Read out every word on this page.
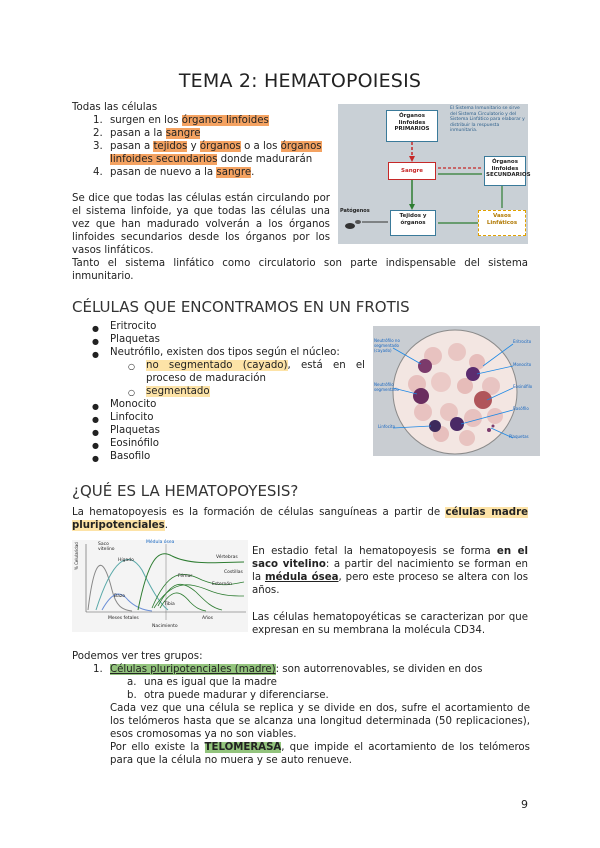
TEMA 2: HEMATOPOIESIS
Todas las células
1. surgen en los órganos linfoides
2. pasan a la sangre
3. pasan a tejidos y órganos o a los órganos linfoides secundarios donde madurarán
4. pasan de nuevo a la sangre.
Se dice que todas las células están circulando por el sistema linfoide, ya que todas las células una vez que han madurado volverán a los órganos linfoides secundarios desde los órganos por los vasos linfáticos.
Tanto el sistema linfático como circulatorio son parte indispensable del sistema inmunitario.
El Sistema Inmunitario se sirve del Sistema Circulatorio y del Sistema Linfático para elaborar y distribuir la respuesta inmunitaria.
Órganos linfoides PRIMARIOS
Sangre
Órganos linfoides SECUNDARIOS
Tejidos y órganos
Vasos Linfáticos
Patógenos
CÉLULAS QUE ENCONTRAMOS EN UN FROTIS
● Eritrocito
● Plaquetas
● Neutrófilo, existen dos tipos según el núcleo:
○ no segmentado (cayado), está en el proceso de maduración
○ segmentado
● Monocito
● Linfocito
● Plaquetas
● Eosinófilo
● Basofilo
Neutrófilo no segmentado (cayado)
Neutrófilo segmentado
Linfocito
Eritrocito
Monocito
Eosinófilo
Basófilo
Plaquetas
¿QUÉ ES LA HEMATOPOYESIS?
La hematopoyesis es la formación de células sanguíneas a partir de células madre pluripotenciales.
% Celularidad	Saco vitelino
Médula ósea
Hígado
Bazo
Vértebras
Costillas
Esternón
Fémur
Tibia
Meses fetales	Años
Nacimiento
En estadio fetal la hematopoyesis se forma en el saco vitelino: a partir del nacimiento se forman en la médula ósea, pero este proceso se altera con los años.
Las células hematopoyéticas se caracterizan por que expresan en su membrana la molécula CD34.
Podemos ver tres grupos:
1. Células pluripotenciales (madre): son autorrenovables, se dividen en dos
a. una es igual que la madre
b. otra puede madurar y diferenciarse.
Cada vez que una célula se replica y se divide en dos, sufre el acortamiento de los telómeros hasta que se alcanza una longitud determinada (50 replicaciones), esos cromosomas ya no son viables.
Por ello existe la TELOMERASA, que impide el acortamiento de los telómeros para que la célula no muera y se auto renueve.
9
